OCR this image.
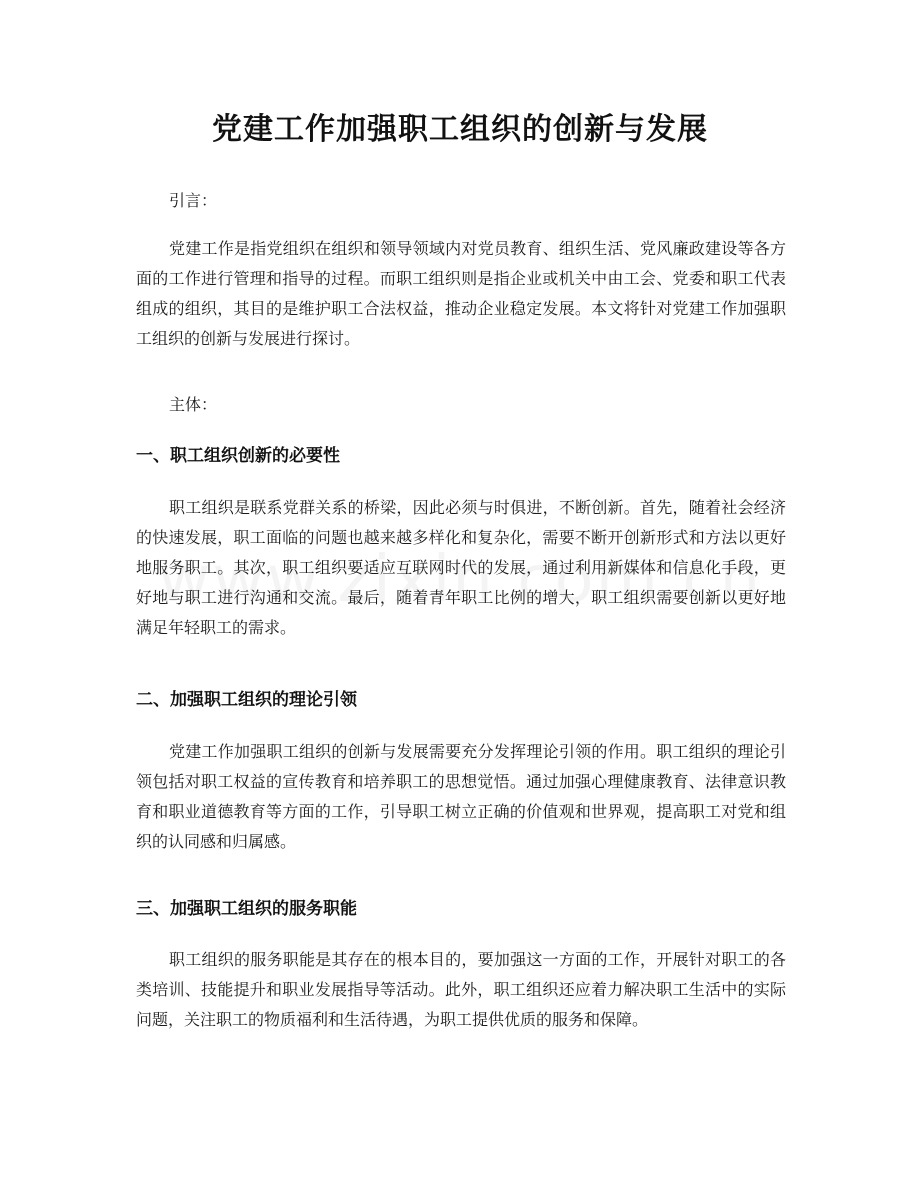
党建工作加强职工组织的创新与发展

引言：

党建工作是指党组织在组织和领导领域内对党员教育、组织生活、党风廉政建设等各方面的工作进行管理和指导的过程。而职工组织则是指企业或机关中由工会、党委和职工代表组成的组织，其目的是维护职工合法权益，推动企业稳定发展。本文将针对党建工作加强职工组织的创新与发展进行探讨。

主体：

一、职工组织创新的必要性

职工组织是联系党群关系的桥梁，因此必须与时俱进，不断创新。首先，随着社会经济的快速发展，职工面临的问题也越来越多样化和复杂化，需要不断开创新形式和方法以更好地服务职工。其次，职工组织要适应互联网时代的发展，通过利用新媒体和信息化手段，更好地与职工进行沟通和交流。最后，随着青年职工比例的增大，职工组织需要创新以更好地满足年轻职工的需求。

二、加强职工组织的理论引领

党建工作加强职工组织的创新与发展需要充分发挥理论引领的作用。职工组织的理论引领包括对职工权益的宣传教育和培养职工的思想觉悟。通过加强心理健康教育、法律意识教育和职业道德教育等方面的工作，引导职工树立正确的价值观和世界观，提高职工对党和组织的认同感和归属感。

三、加强职工组织的服务职能

职工组织的服务职能是其存在的根本目的，要加强这一方面的工作，开展针对职工的各类培训、技能提升和职业发展指导等活动。此外，职工组织还应着力解决职工生活中的实际问题，关注职工的物质福利和生活待遇，为职工提供优质的服务和保障。
